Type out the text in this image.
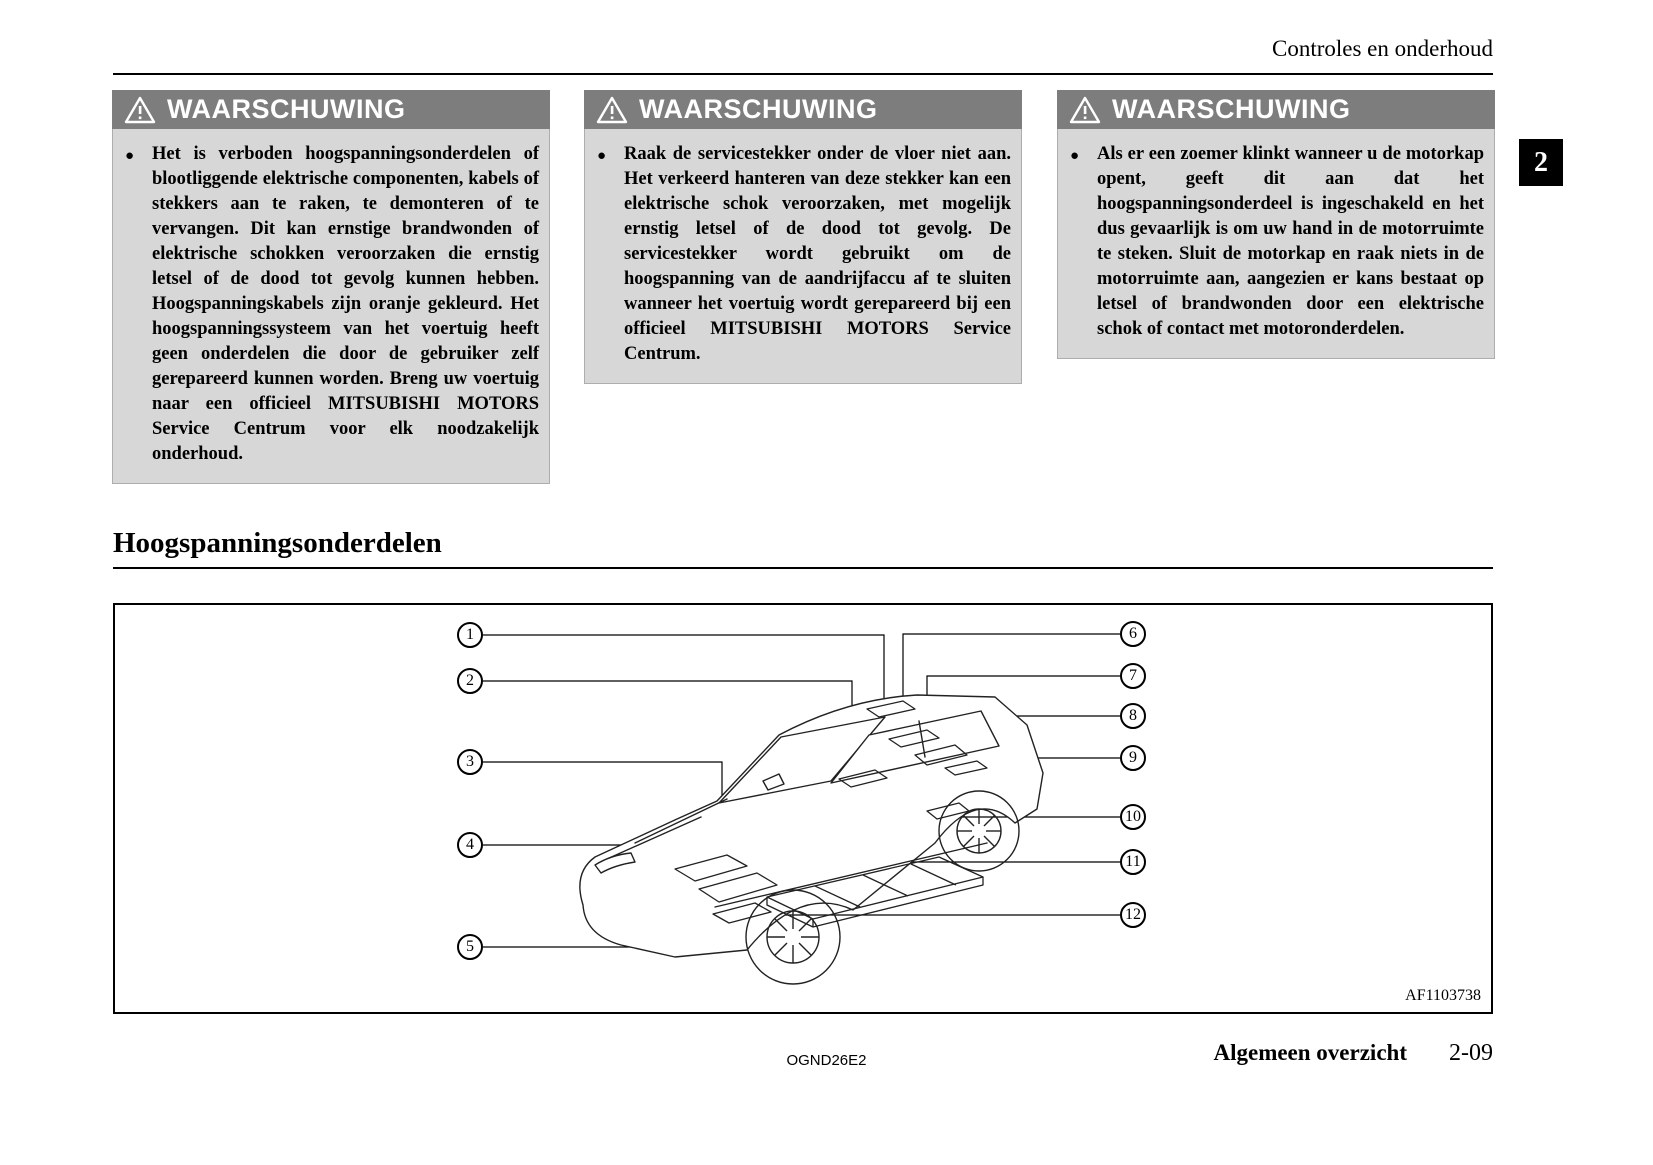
Controles en onderhoud
2
WAARSCHUWING
● Het is verboden hoogspanningsonderdelen of blootliggende elektrische componenten, kabels of stekkers aan te raken, te demonteren of te vervangen. Dit kan ernstige brandwonden of elektrische schokken veroorzaken die ernstig letsel of de dood tot gevolg kunnen hebben. Hoogspanningskabels zijn oranje gekleurd. Het hoogspanningssysteem van het voertuig heeft geen onderdelen die door de gebruiker zelf gerepareerd kunnen worden. Breng uw voertuig naar een officieel MITSUBISHI MOTORS Service Centrum voor elk noodzakelijk onderhoud.
WAARSCHUWING
● Raak de servicestekker onder de vloer niet aan. Het verkeerd hanteren van deze stekker kan een elektrische schok veroorzaken, met mogelijk ernstig letsel of de dood tot gevolg. De servicestekker wordt gebruikt om de hoogspanning van de aandrijfaccu af te sluiten wanneer het voertuig wordt gerepareerd bij een officieel MITSUBISHI MOTORS Service Centrum.
WAARSCHUWING
● Als er een zoemer klinkt wanneer u de motorkap opent, geeft dit aan dat het hoogspanningsonderdeel is ingeschakeld en het dus gevaarlijk is om uw hand in de motorruimte te steken. Sluit de motorkap en raak niets in de motorruimte aan, aangezien er kans bestaat op letsel of brandwonden door een elektrische schok of contact met motoronderdelen.
Hoogspanningsonderdelen
1
2
3
4
5
6
7
8
9
10
11
12
AF1103738
OGND26E2	Algemeen overzicht 2-09
